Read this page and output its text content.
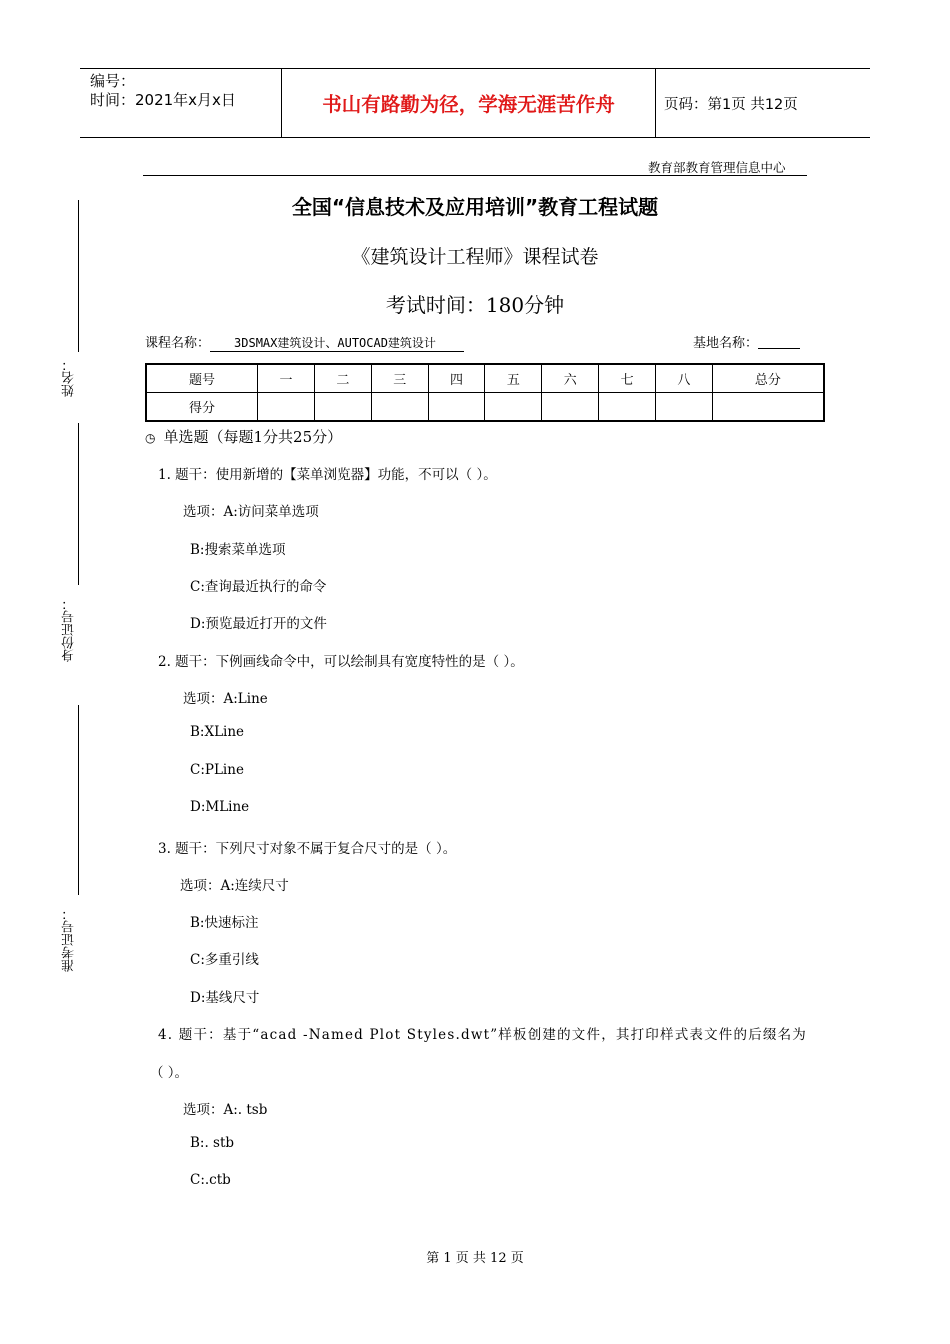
编号：
时间：2021年x月x日	书山有路勤为径，学海无涯苦作舟	页码：第1页 共12页
教育部教育管理信息中心
全国“信息技术及应用培训”教育工程试题
《建筑设计工程师》课程试卷
考试时间：180分钟
课程名称： 3DSMAX建筑设计、AUTOCAD建筑设计	基地名称：
题号	一	二	三	四	五	六	七	八	总分
得分									
◷ 单选题（每题1分共25分）
1. 题干：使用新增的【菜单浏览器】功能，不可以（ ）。
选项：A:访问菜单选项
B:搜索菜单选项
C:查询最近执行的命令
D:预览最近打开的文件
2. 题干：下例画线命令中，可以绘制具有宽度特性的是（ ）。
选项：A:Line
B:XLine
C:PLine
D:MLine
3. 题干：下列尺寸对象不属于复合尺寸的是（ ）。
选项：A:连续尺寸
B:快速标注
C:多重引线
D:基线尺寸
4. 题干：基于“acad -Named Plot Styles.dwt”样板创建的文件，其打印样式表文件的后缀名为
（ ）。
选项：A:. tsb
B:. stb
C:.ctb
姓名：
身份证号：
准考证号：
第 1 页 共 12 页
